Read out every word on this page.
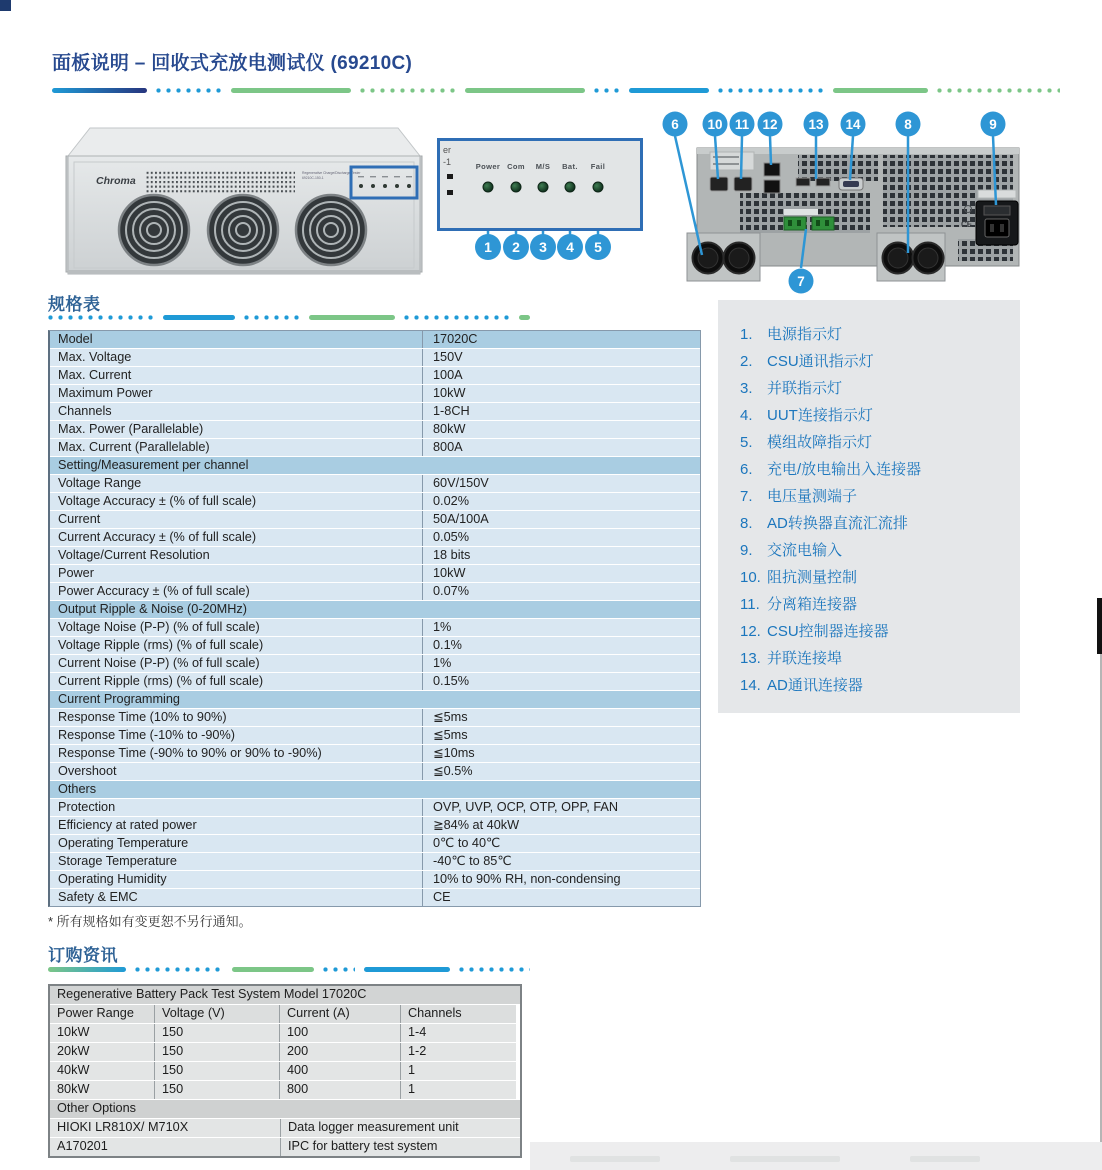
面板说明 – 回收式充放电测试仪 (69210C)
Chroma
Regenerative Charge/Discharge Tester
69210C-150-1
er
-1	Power Com M/S Bat. Fail
1	2	3	4	5
CE
6 10 11 12 13 14	8	9
7
规格表
Model	17020C
Max. Voltage	150V
Max. Current	100A
Maximum Power	10kW
Channels	1-8CH
Max. Power (Parallelable)	80kW
Max. Current (Parallelable)	800A
Setting/Measurement per channel
Voltage Range	60V/150V
Voltage Accuracy ± (% of full scale)	0.02%
Current	50A/100A
Current Accuracy ± (% of full scale)	0.05%
Voltage/Current Resolution	18 bits
Power	10kW
Power Accuracy ± (% of full scale)	0.07%
Output Ripple & Noise (0-20MHz)
Voltage Noise (P-P) (% of full scale)	1%
Voltage Ripple (rms) (% of full scale)	0.1%
Current Noise (P-P) (% of full scale)	1%
Current Ripple (rms) (% of full scale)	0.15%
Current Programming
Response Time (10% to 90%)	≦5ms
Response Time (-10% to -90%)	≦5ms
Response Time (-90% to 90% or 90% to -90%)	≦10ms
Overshoot	≦0.5%
Others
Protection	OVP, UVP, OCP, OTP, OPP, FAN
Efficiency at rated power	≧84% at 40kW
Operating Temperature	0℃ to 40℃
Storage Temperature	-40℃ to 85℃
Operating Humidity	10% to 90% RH, non-condensing
Safety & EMC	CE
* 所有规格如有变更恕不另行通知。
1. 电源指示灯
2. CSU通讯指示灯
3. 并联指示灯
4. UUT连接指示灯
5. 模组故障指示灯
6. 充电/放电输出入连接器
7. 电压量测端子
8. AD转换器直流汇流排
9. 交流电输入
10. 阻抗测量控制
11. 分离箱连接器
12. CSU控制器连接器
13. 并联连接埠
14. AD通讯连接器
订购资讯
Regenerative Battery Pack Test System Model 17020C
Power Range	Voltage (V)	Current (A)	Channels
10kW	150	100	1-4
20kW	150	200	1-2
40kW	150	400	1
80kW	150	800	1
Other Options
HIOKI LR810X/ M710X	Data logger measurement unit
A170201	IPC for battery test system
